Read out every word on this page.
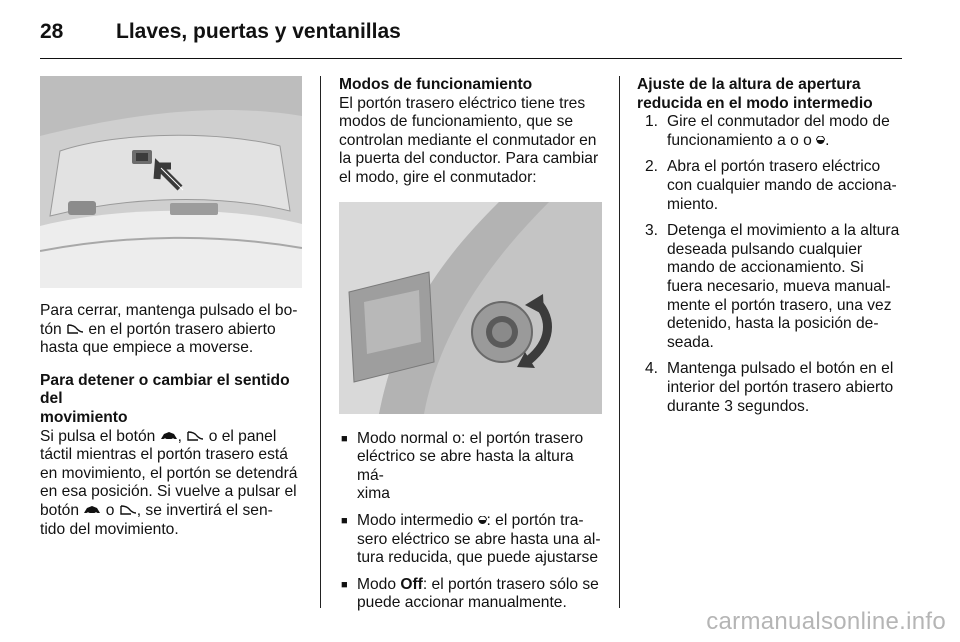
28	Llaves, puertas y ventanillas

Para cerrar, mantenga pulsado el bo-
tón en el portón trasero abierto
hasta que empiece a moverse.

Para detener o cambiar el sentido del
movimiento

Si pulsa el botón , o el panel
táctil mientras el portón trasero está
en movimiento, el portón se detendrá
en esa posición. Si vuelve a pulsar el
botón o , se invertirá el sen-
tido del movimiento.

Modos de funcionamiento

El portón trasero eléctrico tiene tres
modos de funcionamiento, que se
controlan mediante el conmutador en
la puerta del conductor. Para cambiar
el modo, gire el conmutador:

■ Modo normal o: el portón trasero
eléctrico se abre hasta la altura má-
xima
■ Modo intermedio : el portón tra-
sero eléctrico se abre hasta una al-
tura reducida, que puede ajustarse
■ Modo Off: el portón trasero sólo se
puede accionar manualmente.

Ajuste de la altura de apertura
reducida en el modo intermedio

1. Gire el conmutador del modo de
funcionamiento a o o .
2. Abra el portón trasero eléctrico
con cualquier mando de acciona-
miento.
3. Detenga el movimiento a la altura
deseada pulsando cualquier
mando de accionamiento. Si
fuera necesario, mueva manual-
mente el portón trasero, una vez
detenido, hasta la posición de-
seada.
4. Mantenga pulsado el botón en el
interior del portón trasero abierto
durante 3 segundos.
carmanualsonline.info
